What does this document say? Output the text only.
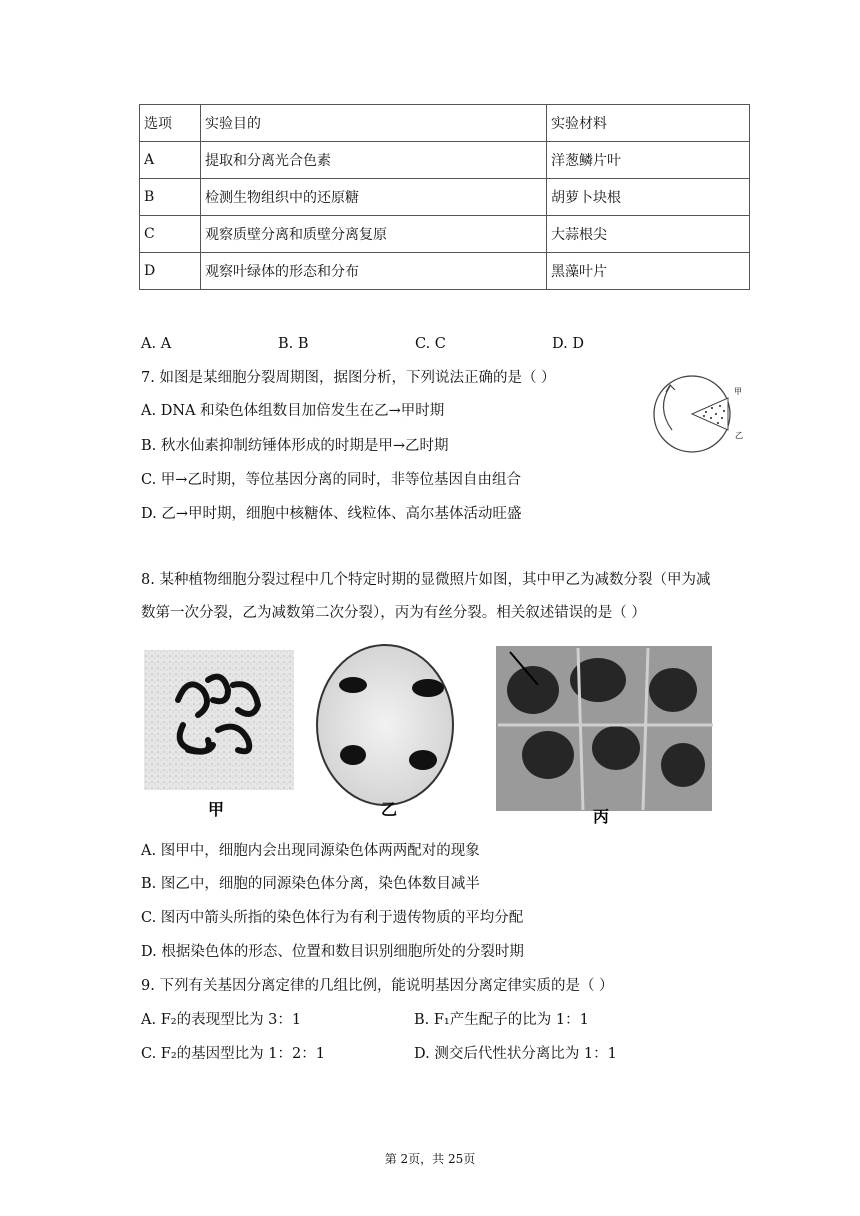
选项	实验目的	实验材料
A	提取和分离光合色素	洋葱鳞片叶
B	检测生物组织中的还原糖	胡萝卜块根
C	观察质壁分离和质壁分离复原	大蒜根尖
D	观察叶绿体的形态和分布	黑藻叶片
A. A	B. B	C. C	D. D
7. 如图是某细胞分裂周期图，据图分析，下列说法正确的是（ ）
A. DNA 和染色体组数目加倍发生在乙→甲时期
B. 秋水仙素抑制纺锤体形成的时期是甲→乙时期
C. 甲→乙时期，等位基因分离的同时，非等位基因自由组合
D. 乙→甲时期，细胞中核糖体、线粒体、高尔基体活动旺盛
甲
乙
8. 某种植物细胞分裂过程中几个特定时期的显微照片如图，其中甲乙为减数分裂（甲为减
数第一次分裂，乙为减数第二次分裂），丙为有丝分裂。相关叙述错误的是（ ）
甲	乙	丙
A. 图甲中，细胞内会出现同源染色体两两配对的现象
B. 图乙中，细胞的同源染色体分离，染色体数目减半
C. 图丙中箭头所指的染色体行为有利于遗传物质的平均分配
D. 根据染色体的形态、位置和数目识别细胞所处的分裂时期
9. 下列有关基因分离定律的几组比例，能说明基因分离定律实质的是（ ）
A. F₂的表现型比为 3：1	B. F₁产生配子的比为 1：1
C. F₂的基因型比为 1：2：1	D. 测交后代性状分离比为 1：1
第 2页，共 25页
